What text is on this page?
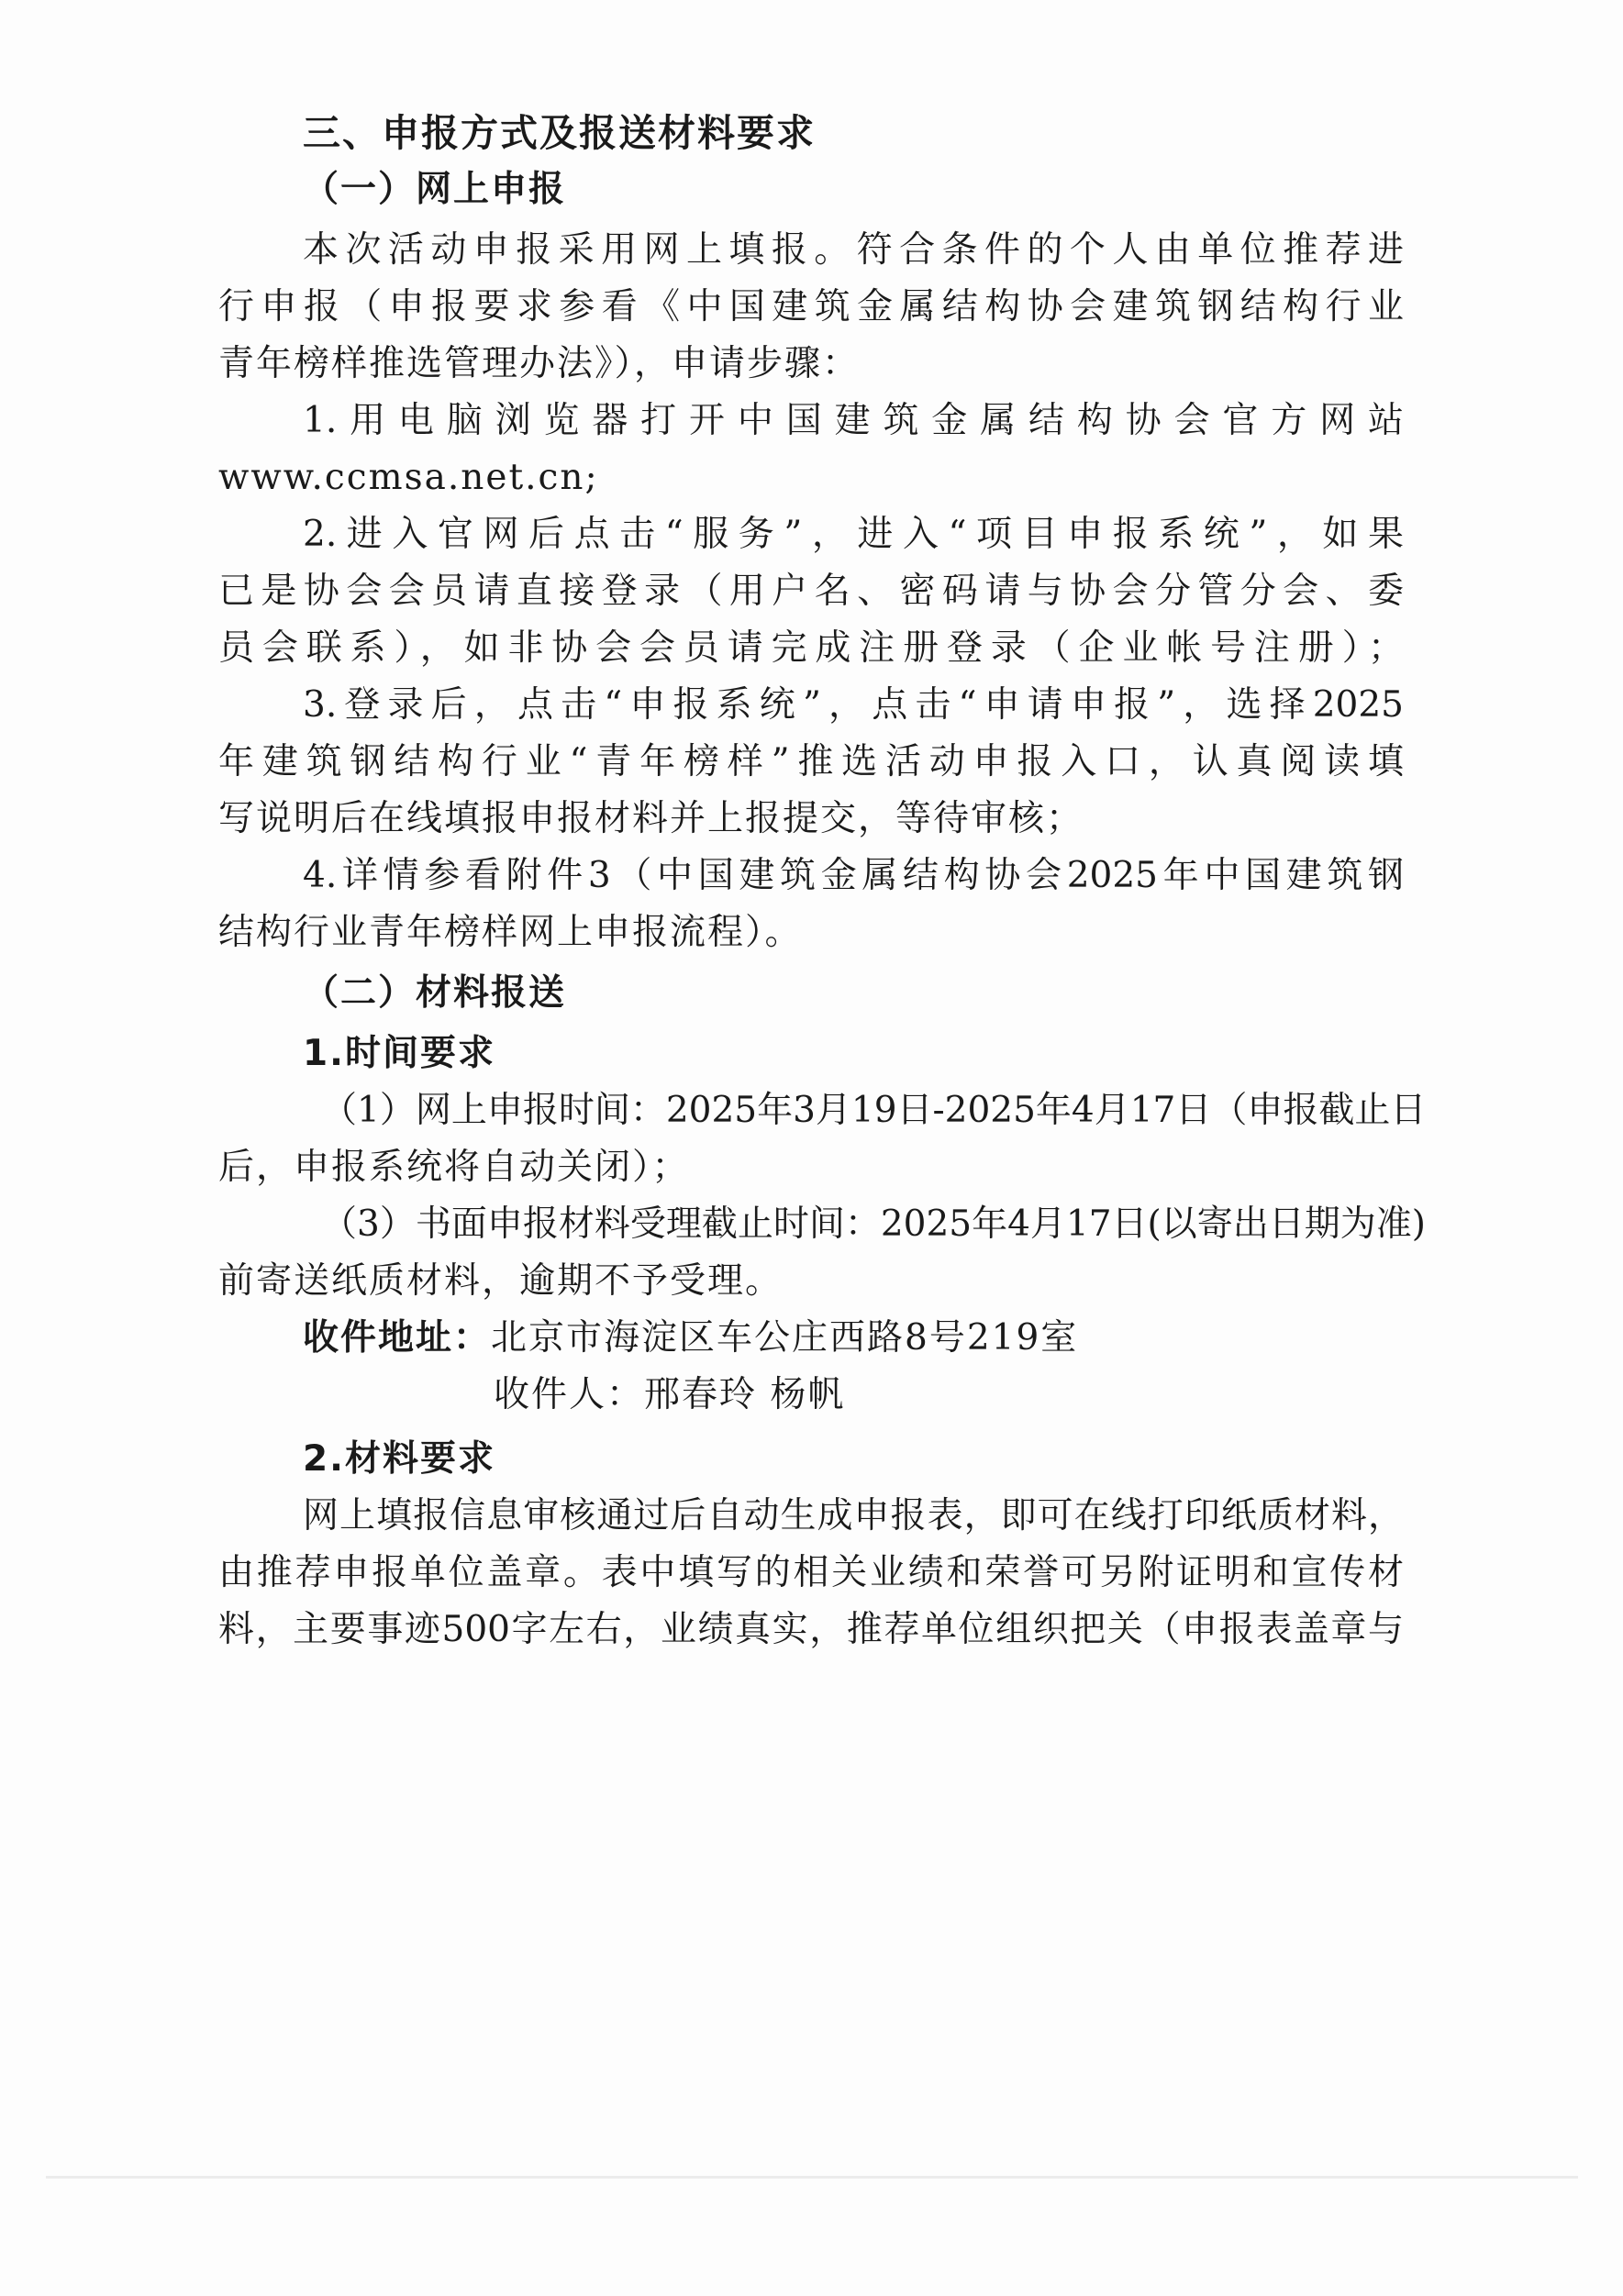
三、申报方式及报送材料要求
（一）网上申报
本次活动申报采用网上填报。符合条件的个人由单位推荐进
行申报（申报要求参看《中国建筑金属结构协会建筑钢结构行业
青年榜样推选管理办法》），申请步骤：
1.用电脑浏览器打开中国建筑金属结构协会官方网站
www.ccmsa.net.cn;
2.进入官网后点击“服务”，进入“项目申报系统”，如果
已是协会会员请直接登录（用户名、密码请与协会分管分会、委
员会联系），如非协会会员请完成注册登录（企业帐号注册）；
3.登录后，点击“申报系统”，点击“申请申报”，选择2025
年建筑钢结构行业“青年榜样”推选活动申报入口，认真阅读填
写说明后在线填报申报材料并上报提交，等待审核；
4.详情参看附件3（中国建筑金属结构协会2025年中国建筑钢
结构行业青年榜样网上申报流程）。
（二）材料报送
1.时间要求
（1）网上申报时间：2025年3月19日-2025年4月17日（申报截止日
后，申报系统将自动关闭）；
（3）书面申报材料受理截止时间：2025年4月17日(以寄出日期为准)
前寄送纸质材料，逾期不予受理。
收件地址：北京市海淀区车公庄西路8号219室
收件人：邢春玲 杨帆
2.材料要求
网上填报信息审核通过后自动生成申报表，即可在线打印纸质材料，
由推荐申报单位盖章。表中填写的相关业绩和荣誉可另附证明和宣传材
料，主要事迹500字左右，业绩真实，推荐单位组织把关（申报表盖章与
